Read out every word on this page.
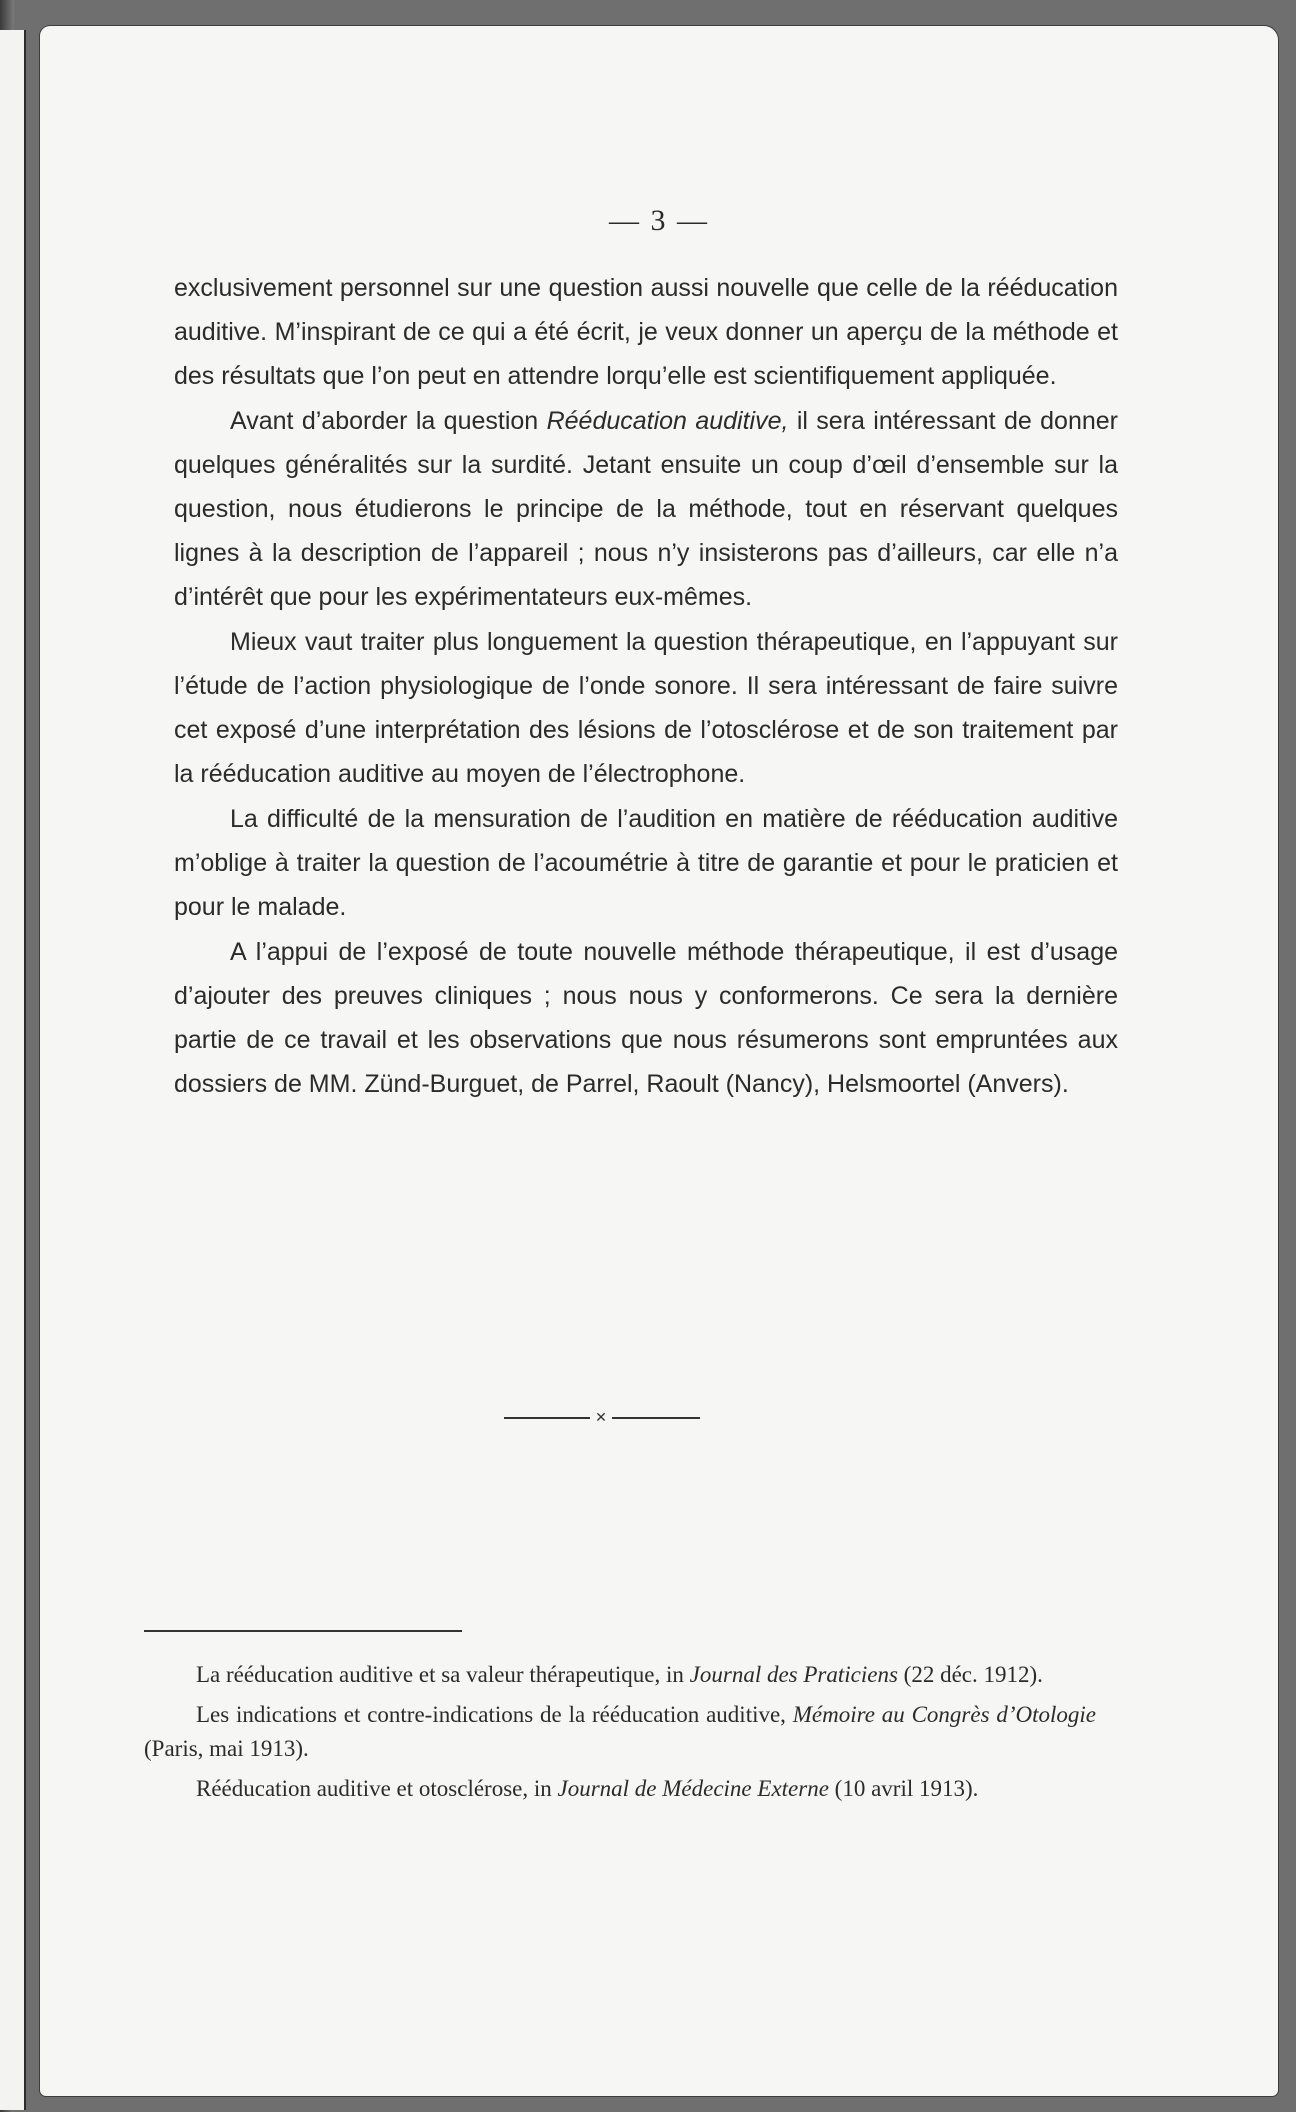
— 3 —

exclusivement personnel sur une question aussi nouvelle que celle de la rééducation auditive. M’inspirant de ce qui a été écrit, je veux donner un aperçu de la méthode et des résultats que l’on peut en attendre lorqu’elle est scientifiquement appliquée.

Avant d’aborder la question Rééducation auditive, il sera intéressant de donner quelques généralités sur la surdité. Jetant ensuite un coup d’œil d’ensemble sur la question, nous étudierons le principe de la méthode, tout en réservant quelques lignes à la description de l’appareil ; nous n’y insisterons pas d’ailleurs, car elle n’a d’intérêt que pour les expérimentateurs eux-mêmes.

Mieux vaut traiter plus longuement la question thérapeutique, en l’appuyant sur l’étude de l’action physiologique de l’onde sonore. Il sera intéressant de faire suivre cet exposé d’une interprétation des lésions de l’otosclérose et de son traitement par la rééducation auditive au moyen de l’électrophone.

La difficulté de la mensuration de l’audition en matière de rééducation auditive m’oblige à traiter la question de l’acoumétrie à titre de garantie et pour le praticien et pour le malade.

A l’appui de l’exposé de toute nouvelle méthode thérapeutique, il est d’usage d’ajouter des preuves cliniques ; nous nous y conformerons. Ce sera la dernière partie de ce travail et les observations que nous résumerons sont empruntées aux dossiers de MM. Zünd-Burguet, de Parrel, Raoult (Nancy), Helsmoortel (Anvers).

✕

La rééducation auditive et sa valeur thérapeutique, in Journal des Praticiens (22 déc. 1912).

Les indications et contre-indications de la rééducation auditive, Mémoire au Congrès d’Otologie (Paris, mai 1913).

Rééducation auditive et otosclérose, in Journal de Médecine Externe (10 avril 1913).
